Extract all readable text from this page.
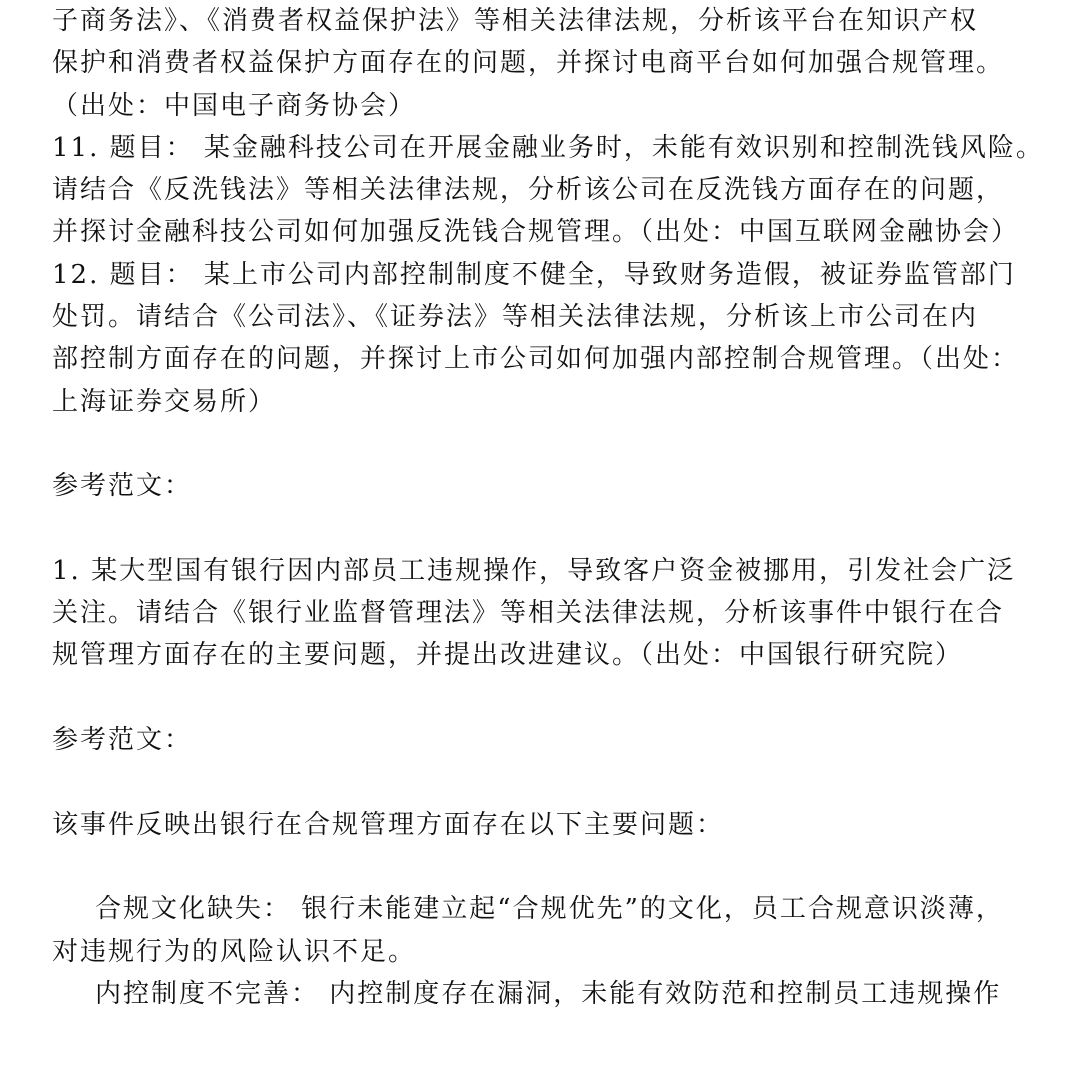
子商务法》、《消费者权益保护法》等相关法律法规，分析该平台在知识产权
保护和消费者权益保护方面存在的问题，并探讨电商平台如何加强合规管理。
（出处：中国电子商务协会）
11. 题目： 某金融科技公司在开展金融业务时，未能有效识别和控制洗钱风险。
请结合《反洗钱法》等相关法律法规，分析该公司在反洗钱方面存在的问题，
并探讨金融科技公司如何加强反洗钱合规管理。（出处：中国互联网金融协会）
12. 题目： 某上市公司内部控制制度不健全，导致财务造假，被证券监管部门
处罚。请结合《公司法》、《证券法》等相关法律法规，分析该上市公司在内
部控制方面存在的问题，并探讨上市公司如何加强内部控制合规管理。（出处：
上海证券交易所）
参考范文：
1. 某大型国有银行因内部员工违规操作，导致客户资金被挪用，引发社会广泛
关注。请结合《银行业监督管理法》等相关法律法规，分析该事件中银行在合
规管理方面存在的主要问题，并提出改进建议。（出处：中国银行研究院）
参考范文：
该事件反映出银行在合规管理方面存在以下主要问题：
合规文化缺失： 银行未能建立起“合规优先”的文化，员工合规意识淡薄，
对违规行为的风险认识不足。
内控制度不完善： 内控制度存在漏洞，未能有效防范和控制员工违规操作
